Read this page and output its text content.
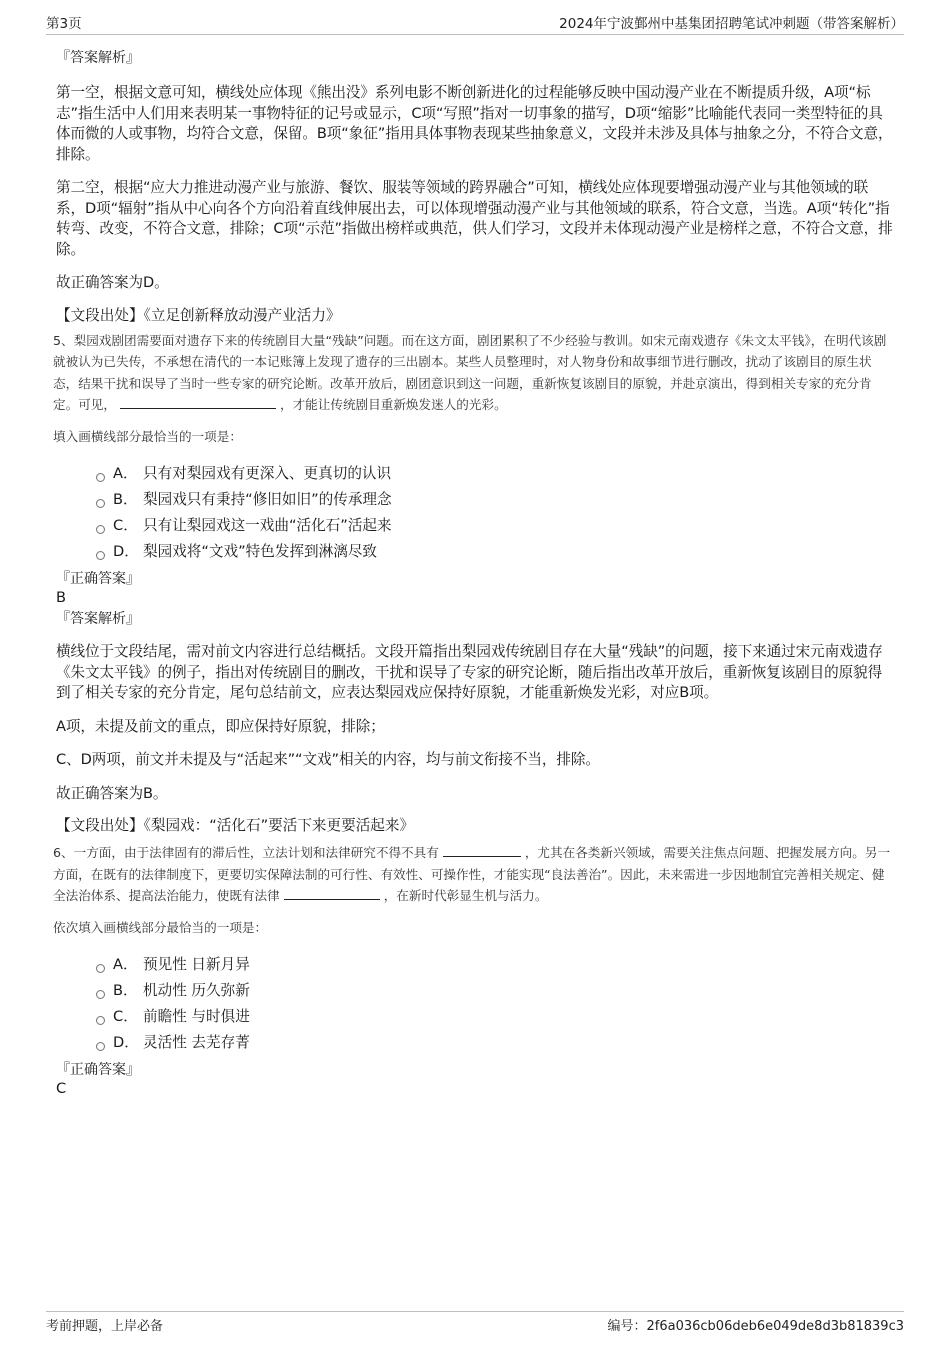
第3页	2024年宁波鄞州中基集团招聘笔试冲刺题（带答案解析）
『答案解析』

第一空，根据文意可知，横线处应体现《熊出没》系列电影不断创新进化的过程能够反映中国动漫产业在不断提质升级，A项“标志”指生活中人们用来表明某一事物特征的记号或显示，C项“写照”指对一切事象的描写，D项“缩影”比喻能代表同一类型特征的具体而微的人或事物，均符合文意，保留。B项“象征”指用具体事物表现某些抽象意义，文段并未涉及具体与抽象之分，不符合文意，排除。

第二空，根据“应大力推进动漫产业与旅游、餐饮、服装等领域的跨界融合”可知，横线处应体现要增强动漫产业与其他领域的联系，D项“辐射”指从中心向各个方向沿着直线伸展出去，可以体现增强动漫产业与其他领域的联系，符合文意，当选。A项“转化”指转弯、改变，不符合文意，排除；C项“示范”指做出榜样或典范，供人们学习，文段并未体现动漫产业是榜样之意，不符合文意，排除。

故正确答案为D。

【文段出处】《立足创新释放动漫产业活力》

5、梨园戏剧团需要面对遗存下来的传统剧目大量“残缺”问题。而在这方面，剧团累积了不少经验与教训。如宋元南戏遗存《朱文太平钱》，在明代该剧就被认为已失传，不承想在清代的一本记账簿上发现了遗存的三出剧本。某些人员整理时，对人物身份和故事细节进行删改，扰动了该剧目的原生状态，结果干扰和误导了当时一些专家的研究论断。改革开放后，剧团意识到这一问题，重新恢复该剧目的原貌，并赴京演出，得到相关专家的充分肯定。可见，	，才能让传统剧目重新焕发迷人的光彩。

填入画横线部分最恰当的一项是：

A． 只有对梨园戏有更深入、更真切的认识
B． 梨园戏只有秉持“修旧如旧”的传承理念
C． 只有让梨园戏这一戏曲“活化石”活起来
D． 梨园戏将“文戏”特色发挥到淋漓尽致
『正确答案』
B
『答案解析』

横线位于文段结尾，需对前文内容进行总结概括。文段开篇指出梨园戏传统剧目存在大量“残缺”的问题，接下来通过宋元南戏遗存《朱文太平钱》的例子，指出对传统剧目的删改，干扰和误导了专家的研究论断，随后指出改革开放后，重新恢复该剧目的原貌得到了相关专家的充分肯定，尾句总结前文，应表达梨园戏应保持好原貌，才能重新焕发光彩，对应B项。

A项，未提及前文的重点，即应保持好原貌，排除；

C、D两项，前文并未提及与“活起来”“文戏”相关的内容，均与前文衔接不当，排除。

故正确答案为B。

【文段出处】《梨园戏：“活化石”要活下来更要活起来》

6、一方面，由于法律固有的滞后性，立法计划和法律研究不得不具有	，尤其在各类新兴领域，需要关注焦点问题、把握发展方向。另一方面，在既有的法律制度下，更要切实保障法制的可行性、有效性、可操作性，才能实现“良法善治”。因此，未来需进一步因地制宜完善相关规定、健全法治体系、提高法治能力，使既有法律	，在新时代彰显生机与活力。

依次填入画横线部分最恰当的一项是：

A． 预见性 日新月异
B． 机动性 历久弥新
C． 前瞻性 与时俱进
D． 灵活性 去芜存菁
『正确答案』
C
考前押题，上岸必备	编号：2f6a036cb06deb6e049de8d3b81839c3
